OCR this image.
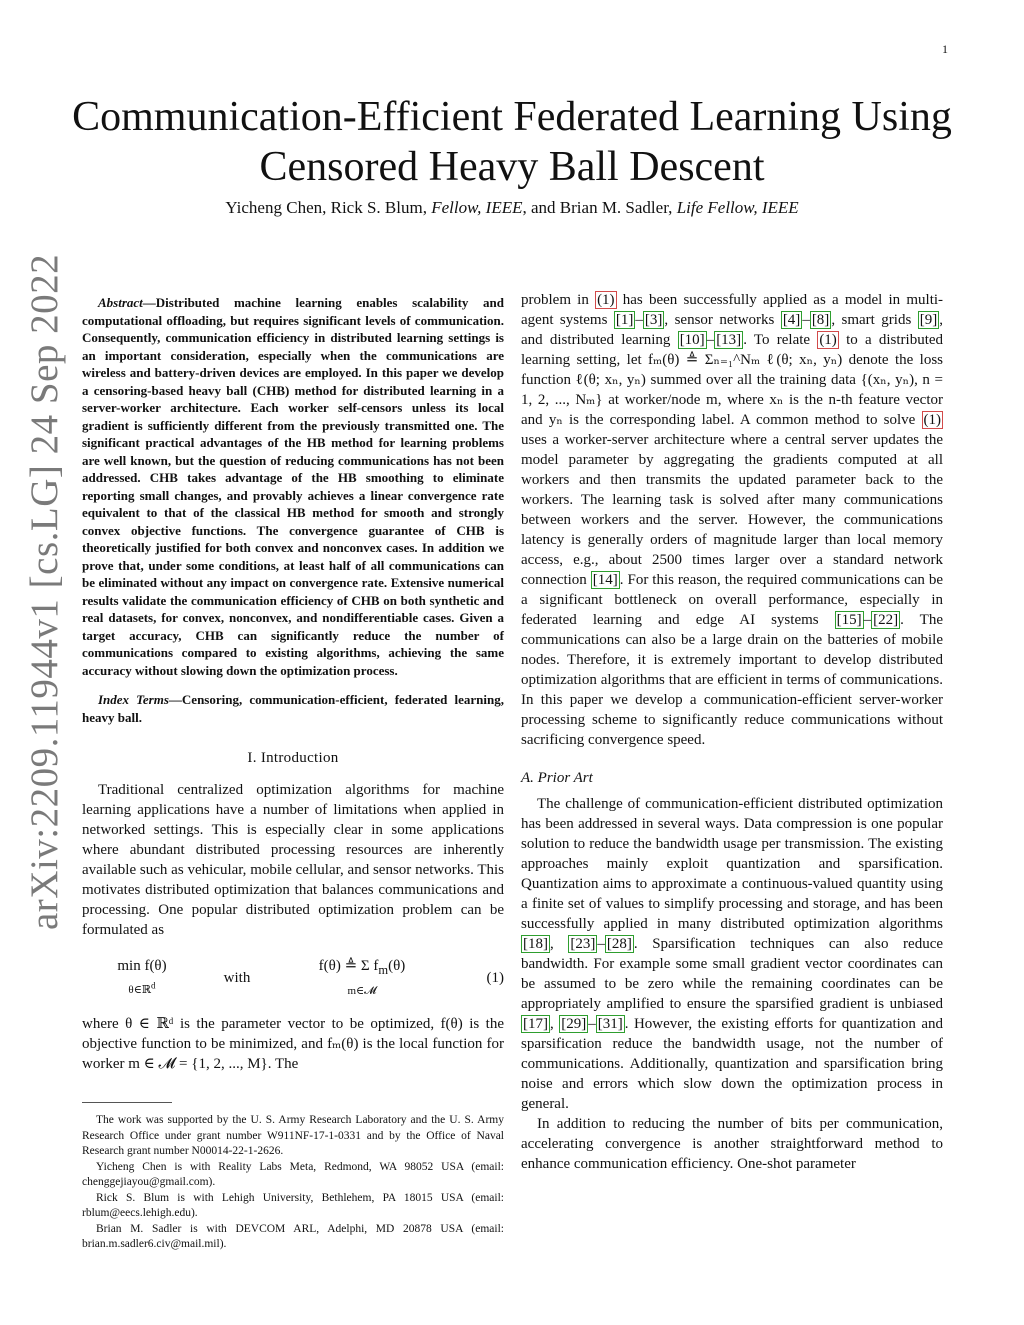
1
arXiv:2209.11944v1 [cs.LG] 24 Sep 2022
Communication-Efficient Federated Learning Using
Censored Heavy Ball Descent
Yicheng Chen, Rick S. Blum, Fellow, IEEE, and Brian M. Sadler, Life Fellow, IEEE

Abstract—Distributed machine learning enables scalability and computational offloading, but requires significant levels of communication. Consequently, communication efficiency in distributed learning settings is an important consideration, especially when the communications are wireless and battery-driven devices are employed. In this paper we develop a censoring-based heavy ball (CHB) method for distributed learning in a server-worker architecture. Each worker self-censors unless its local gradient is sufficiently different from the previously transmitted one. The significant practical advantages of the HB method for learning problems are well known, but the question of reducing communications has not been addressed. CHB takes advantage of the HB smoothing to eliminate reporting small changes, and provably achieves a linear convergence rate equivalent to that of the classical HB method for smooth and strongly convex objective functions. The convergence guarantee of CHB is theoretically justified for both convex and nonconvex cases. In addition we prove that, under some conditions, at least half of all communications can be eliminated without any impact on convergence rate. Extensive numerical results validate the communication efficiency of CHB on both synthetic and real datasets, for convex, nonconvex, and nondifferentiable cases. Given a target accuracy, CHB can significantly reduce the number of communications compared to existing algorithms, achieving the same accuracy without slowing down the optimization process.

Index Terms—Censoring, communication-efficient, federated learning, heavy ball.

I. Introduction

Traditional centralized optimization algorithms for machine learning applications have a number of limitations when applied in networked settings. This is especially clear in some applications where abundant distributed processing resources are inherently available such as vehicular, mobile cellular, and sensor networks. This motivates distributed optimization that balances communications and processing. One popular distributed optimization problem can be formulated as

min f(θ)
θ∈ℝ$^d$	with
f(θ) ≜ Σ $f_m(\theta)$
m∈𝓜
(1)

where θ ∈ ℝᵈ is the parameter vector to be optimized, f(θ) is the objective function to be minimized, and fₘ(θ) is the local function for worker m ∈ 𝓜 = {1, 2, ..., M}. The

The work was supported by the U. S. Army Research Laboratory and the U. S. Army Research Office under grant number W911NF-17-1-0331 and by the Office of Naval Research grant number N00014-22-1-2626.

Yicheng Chen is with Reality Labs Meta, Redmond, WA 98052 USA (email: chenggejiayou@gmail.com).

Rick S. Blum is with Lehigh University, Bethlehem, PA 18015 USA (email: rblum@eecs.lehigh.edu).

Brian M. Sadler is with DEVCOM ARL, Adelphi, MD 20878 USA (email: brian.m.sadler6.civ@mail.mil).

problem in (1) has been successfully applied as a model in multi-agent systems [1] – [3] , sensor networks [4] – [8] , smart grids [9] , and distributed learning [10] – [13] . To relate (1) to a distributed learning setting, let fₘ(θ) ≜ Σₙ₌₁^Nₘ ℓ(θ; xₙ, yₙ) denote the loss function ℓ(θ; xₙ, yₙ) summed over all the training data {(xₙ, yₙ), n = 1, 2, ..., Nₘ} at worker/node m, where xₙ is the n-th feature vector and yₙ is the corresponding label. A common method to solve (1) uses a worker-server architecture where a central server updates the model parameter by aggregating the gradients computed at all workers and then transmits the updated parameter back to the workers. The learning task is solved after many communications between workers and the server. However, the communications latency is generally orders of magnitude larger than local memory access, e.g., about 2500 times larger over a standard network connection [14] . For this reason, the required communications can be a significant bottleneck on overall performance, especially in federated learning and edge AI systems [15] – [22] . The communications can also be a large drain on the batteries of mobile nodes. Therefore, it is extremely important to develop distributed optimization algorithms that are efficient in terms of communications. In this paper we develop a communication-efficient server-worker processing scheme to significantly reduce communications without sacrificing convergence speed.

A. Prior Art

The challenge of communication-efficient distributed optimization has been addressed in several ways. Data compression is one popular solution to reduce the bandwidth usage per transmission. The existing approaches mainly exploit quantization and sparsification. Quantization aims to approximate a continuous-valued quantity using a finite set of values to simplify processing and storage, and has been successfully applied in many distributed optimization algorithms [18] , [23] – [28] . Sparsification techniques can also reduce bandwidth. For example some small gradient vector coordinates can be assumed to be zero while the remaining coordinates can be appropriately amplified to ensure the sparsified gradient is unbiased [17] , [29] – [31] . However, the existing efforts for quantization and sparsification reduce the bandwidth usage, not the number of communications. Additionally, quantization and sparsification bring noise and errors which slow down the optimization process in general.

In addition to reducing the number of bits per communication, accelerating convergence is another straightforward method to enhance communication efficiency. One-shot parameter
